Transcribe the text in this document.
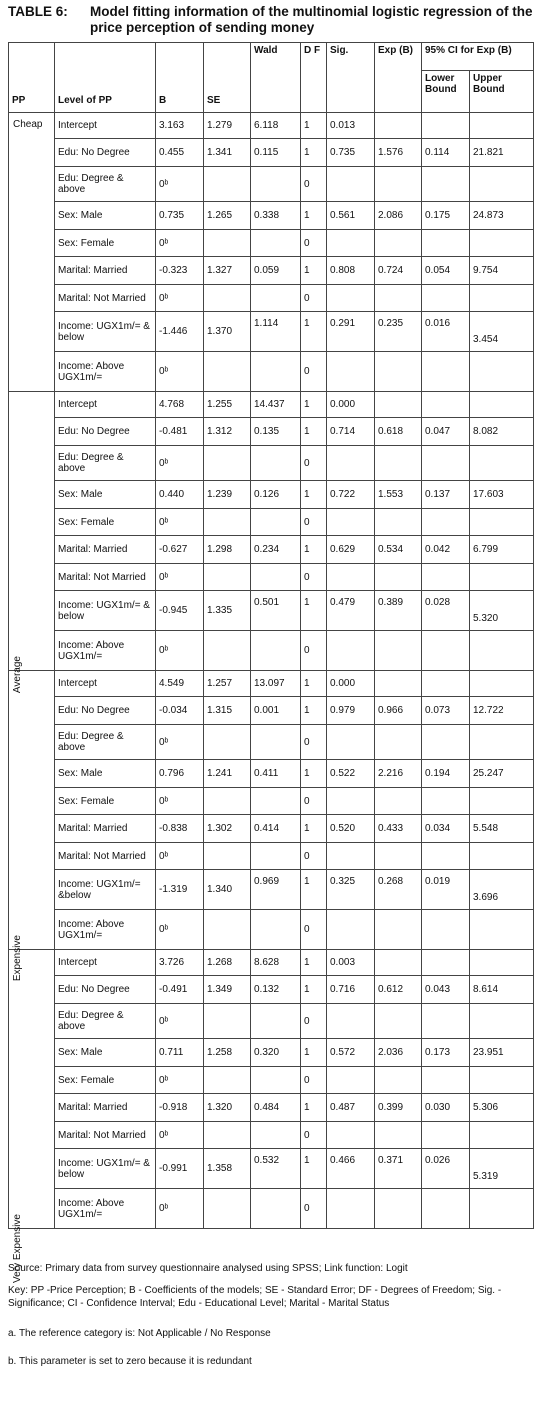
TABLE 6: Model fitting information of the multinomial logistic regression of the price perception of sending money
PP	Level of PP	B	SE	Wald	D F	Sig.	Exp (B)	95% CI for Exp (B)	
								Lower Bound	Upper Bound

Cheap	Intercept	3.163	1.279	6.118	1	0.013			
	Edu: No Degree	0.455	1.341	0.115	1	0.735	1.576	0.114	21.821
	Edu: Degree & above	0ᵇ			0				
	Sex: Male	0.735	1.265	0.338	1	0.561	2.086	0.175	24.873
	Sex: Female	0ᵇ			0				
	Marital: Married	-0.323	1.327	0.059	1	0.808	0.724	0.054	9.754
	Marital: Not Married	0ᵇ			0				
	Income: UGX1m/= & below	-1.446	1.370	1.114	1	0.291	0.235	0.016	3.454
	Income: Above UGX1m/=	0ᵇ			0				

Average	Intercept	4.768	1.255	14.437	1	0.000			
	Edu: No Degree	-0.481	1.312	0.135	1	0.714	0.618	0.047	8.082
	Edu: Degree & above	0ᵇ			0				
	Sex: Male	0.440	1.239	0.126	1	0.722	1.553	0.137	17.603
	Sex: Female	0ᵇ			0				
	Marital: Married	-0.627	1.298	0.234	1	0.629	0.534	0.042	6.799
	Marital: Not Married	0ᵇ			0				
	Income: UGX1m/= & below	-0.945	1.335	0.501	1	0.479	0.389	0.028	5.320
	Income: Above UGX1m/=	0ᵇ			0				

Expensive	Intercept	4.549	1.257	13.097	1	0.000			
	Edu: No Degree	-0.034	1.315	0.001	1	0.979	0.966	0.073	12.722
	Edu: Degree & above	0ᵇ			0				
	Sex: Male	0.796	1.241	0.411	1	0.522	2.216	0.194	25.247
	Sex: Female	0ᵇ			0				
	Marital: Married	-0.838	1.302	0.414	1	0.520	0.433	0.034	5.548
	Marital: Not Married	0ᵇ			0				
	Income: UGX1m/= &below	-1.319	1.340	0.969	1	0.325	0.268	0.019	3.696
	Income: Above UGX1m/=	0ᵇ			0				

Very Expensive	Intercept	3.726	1.268	8.628	1	0.003			
	Edu: No Degree	-0.491	1.349	0.132	1	0.716	0.612	0.043	8.614
	Edu: Degree & above	0ᵇ			0				
	Sex: Male	0.711	1.258	0.320	1	0.572	2.036	0.173	23.951
	Sex: Female	0ᵇ			0				
	Marital: Married	-0.918	1.320	0.484	1	0.487	0.399	0.030	5.306
	Marital: Not Married	0ᵇ			0				
	Income: UGX1m/= & below	-0.991	1.358	0.532	1	0.466	0.371	0.026	5.319
	Income: Above UGX1m/=	0ᵇ			0				

Source: Primary data from survey questionnaire analysed using SPSS; Link function: Logit

Key: PP -Price Perception; B - Coefficients of the models; SE - Standard Error; DF - Degrees of Freedom; Sig. - Significance; CI - Confidence Interval; Edu - Educational Level; Marital - Marital Status

a. The reference category is: Not Applicable / No Response

b. This parameter is set to zero because it is redundant
